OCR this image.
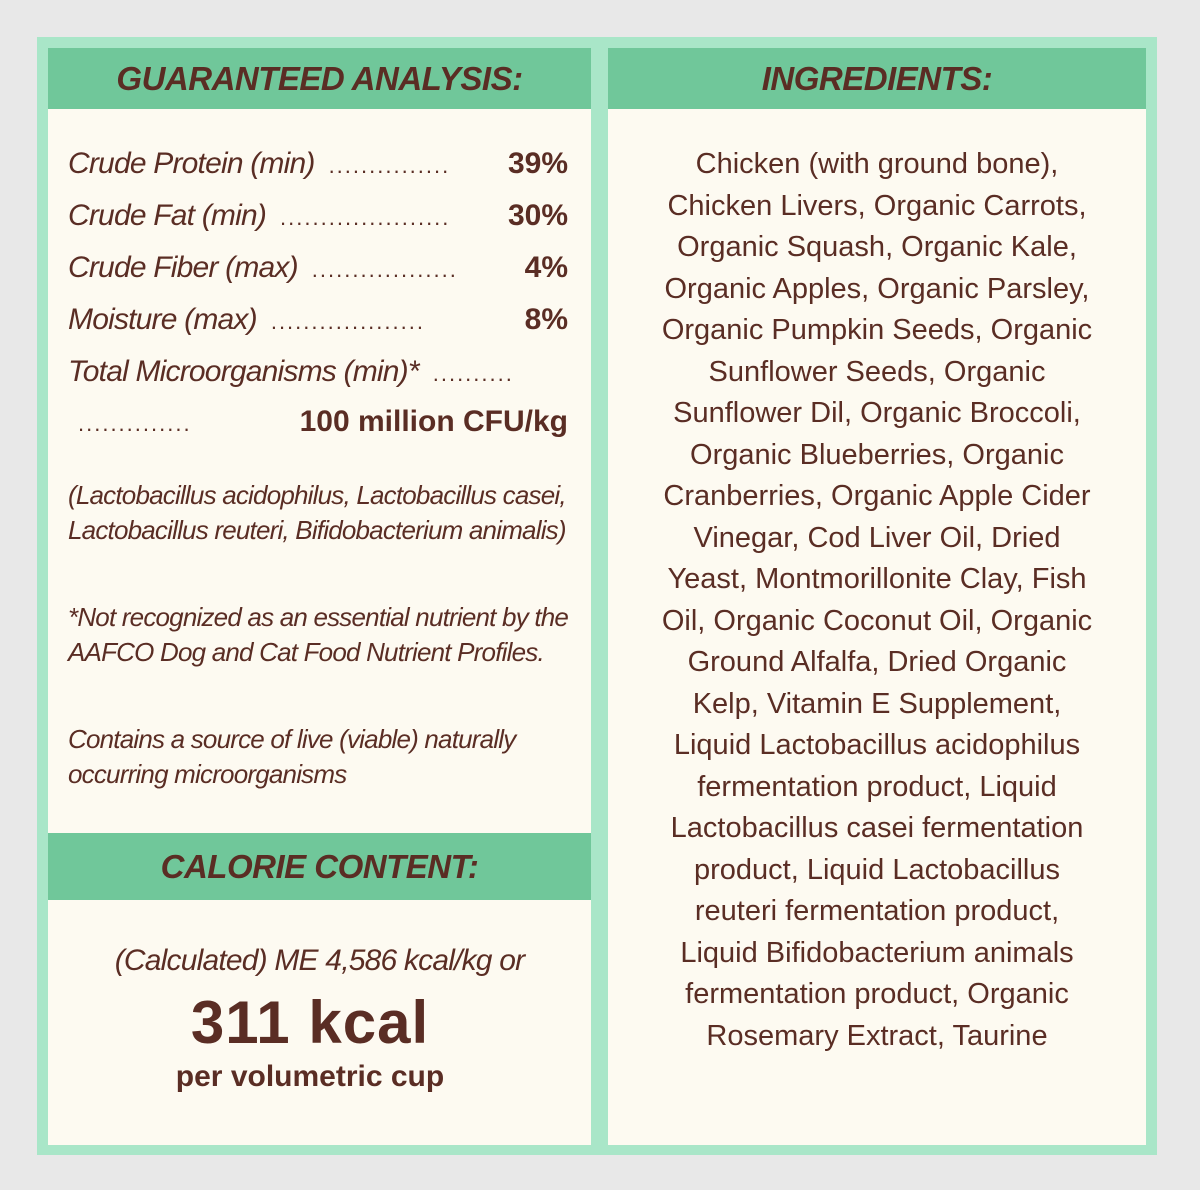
GUARANTEED ANALYSIS:	INGREDIENTS:
CALORIE CONTENT:
Crude Protein (min) ...............	39%
Crude Fat (min) .....................	30%
Crude Fiber (max) ..................	4%
Moisture (max) ...................	8%
Total Microorganisms (min)* ..........
..............	100 million CFU/kg
(Lactobacillus acidophilus, Lactobacillus casei, Lactobacillus reuteri, Bifidobacterium animalis)
*Not recognized as an essential nutrient by the AAFCO Dog and Cat Food Nutrient Profiles.
Contains a source of live (viable) naturally occurring microorganisms
(Calculated) ME 4,586 kcal/kg or
311 kcal
per volumetric cup
Chicken (with ground bone),
Chicken Livers, Organic Carrots,
Organic Squash, Organic Kale,
Organic Apples, Organic Parsley,
Organic Pumpkin Seeds, Organic
Sunflower Seeds, Organic
Sunflower Dil, Organic Broccoli,
Organic Blueberries, Organic
Cranberries, Organic Apple Cider
Vinegar, Cod Liver Oil, Dried
Yeast, Montmorillonite Clay, Fish
Oil, Organic Coconut Oil, Organic
Ground Alfalfa, Dried Organic
Kelp, Vitamin E Supplement,
Liquid Lactobacillus acidophilus
fermentation product, Liquid
Lactobacillus casei fermentation
product, Liquid Lactobacillus
reuteri fermentation product,
Liquid Bifidobacterium animals
fermentation product, Organic
Rosemary Extract, Taurine
